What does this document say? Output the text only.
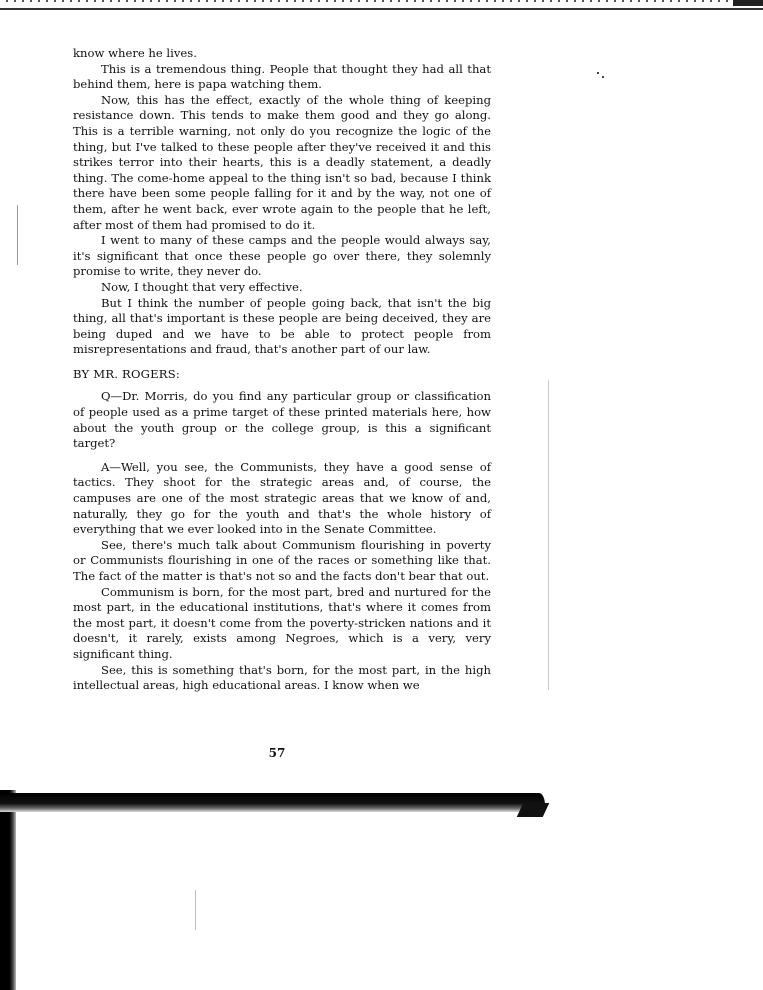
know where he lives.

This is a tremendous thing. People that thought they had all that behind them, here is papa watching them.

Now, this has the effect, exactly of the whole thing of keeping resistance down. This tends to make them good and they go along. This is a terrible warning, not only do you recognize the logic of the thing, but I've talked to these people after they've received it and this strikes terror into their hearts, this is a deadly statement, a deadly thing. The come-home appeal to the thing isn't so bad, because I think there have been some people falling for it and by the way, not one of them, after he went back, ever wrote again to the people that he left, after most of them had promised to do it.

I went to many of these camps and the people would always say, it's significant that once these people go over there, they solemnly promise to write, they never do.

Now, I thought that very effective.

But I think the number of people going back, that isn't the big thing, all that's important is these people are being deceived, they are being duped and we have to be able to protect people from misrepresentations and fraud, that's another part of our law.

BY MR. ROGERS:

Q—Dr. Morris, do you find any particular group or classification of people used as a prime target of these printed materials here, how about the youth group or the college group, is this a significant target?

A—Well, you see, the Communists, they have a good sense of tactics. They shoot for the strategic areas and, of course, the campuses are one of the most strategic areas that we know of and, naturally, they go for the youth and that's the whole history of everything that we ever looked into in the Senate Committee.

See, there's much talk about Communism flourishing in poverty or Communists flourishing in one of the races or something like that. The fact of the matter is that's not so and the facts don't bear that out.

Communism is born, for the most part, bred and nurtured for the most part, in the educational institutions, that's where it comes from the most part, it doesn't come from the poverty-stricken nations and it doesn't, it rarely, exists among Negroes, which is a very, very significant thing.

See, this is something that's born, for the most part, in the high intellectual areas, high educational areas. I know when we

57
